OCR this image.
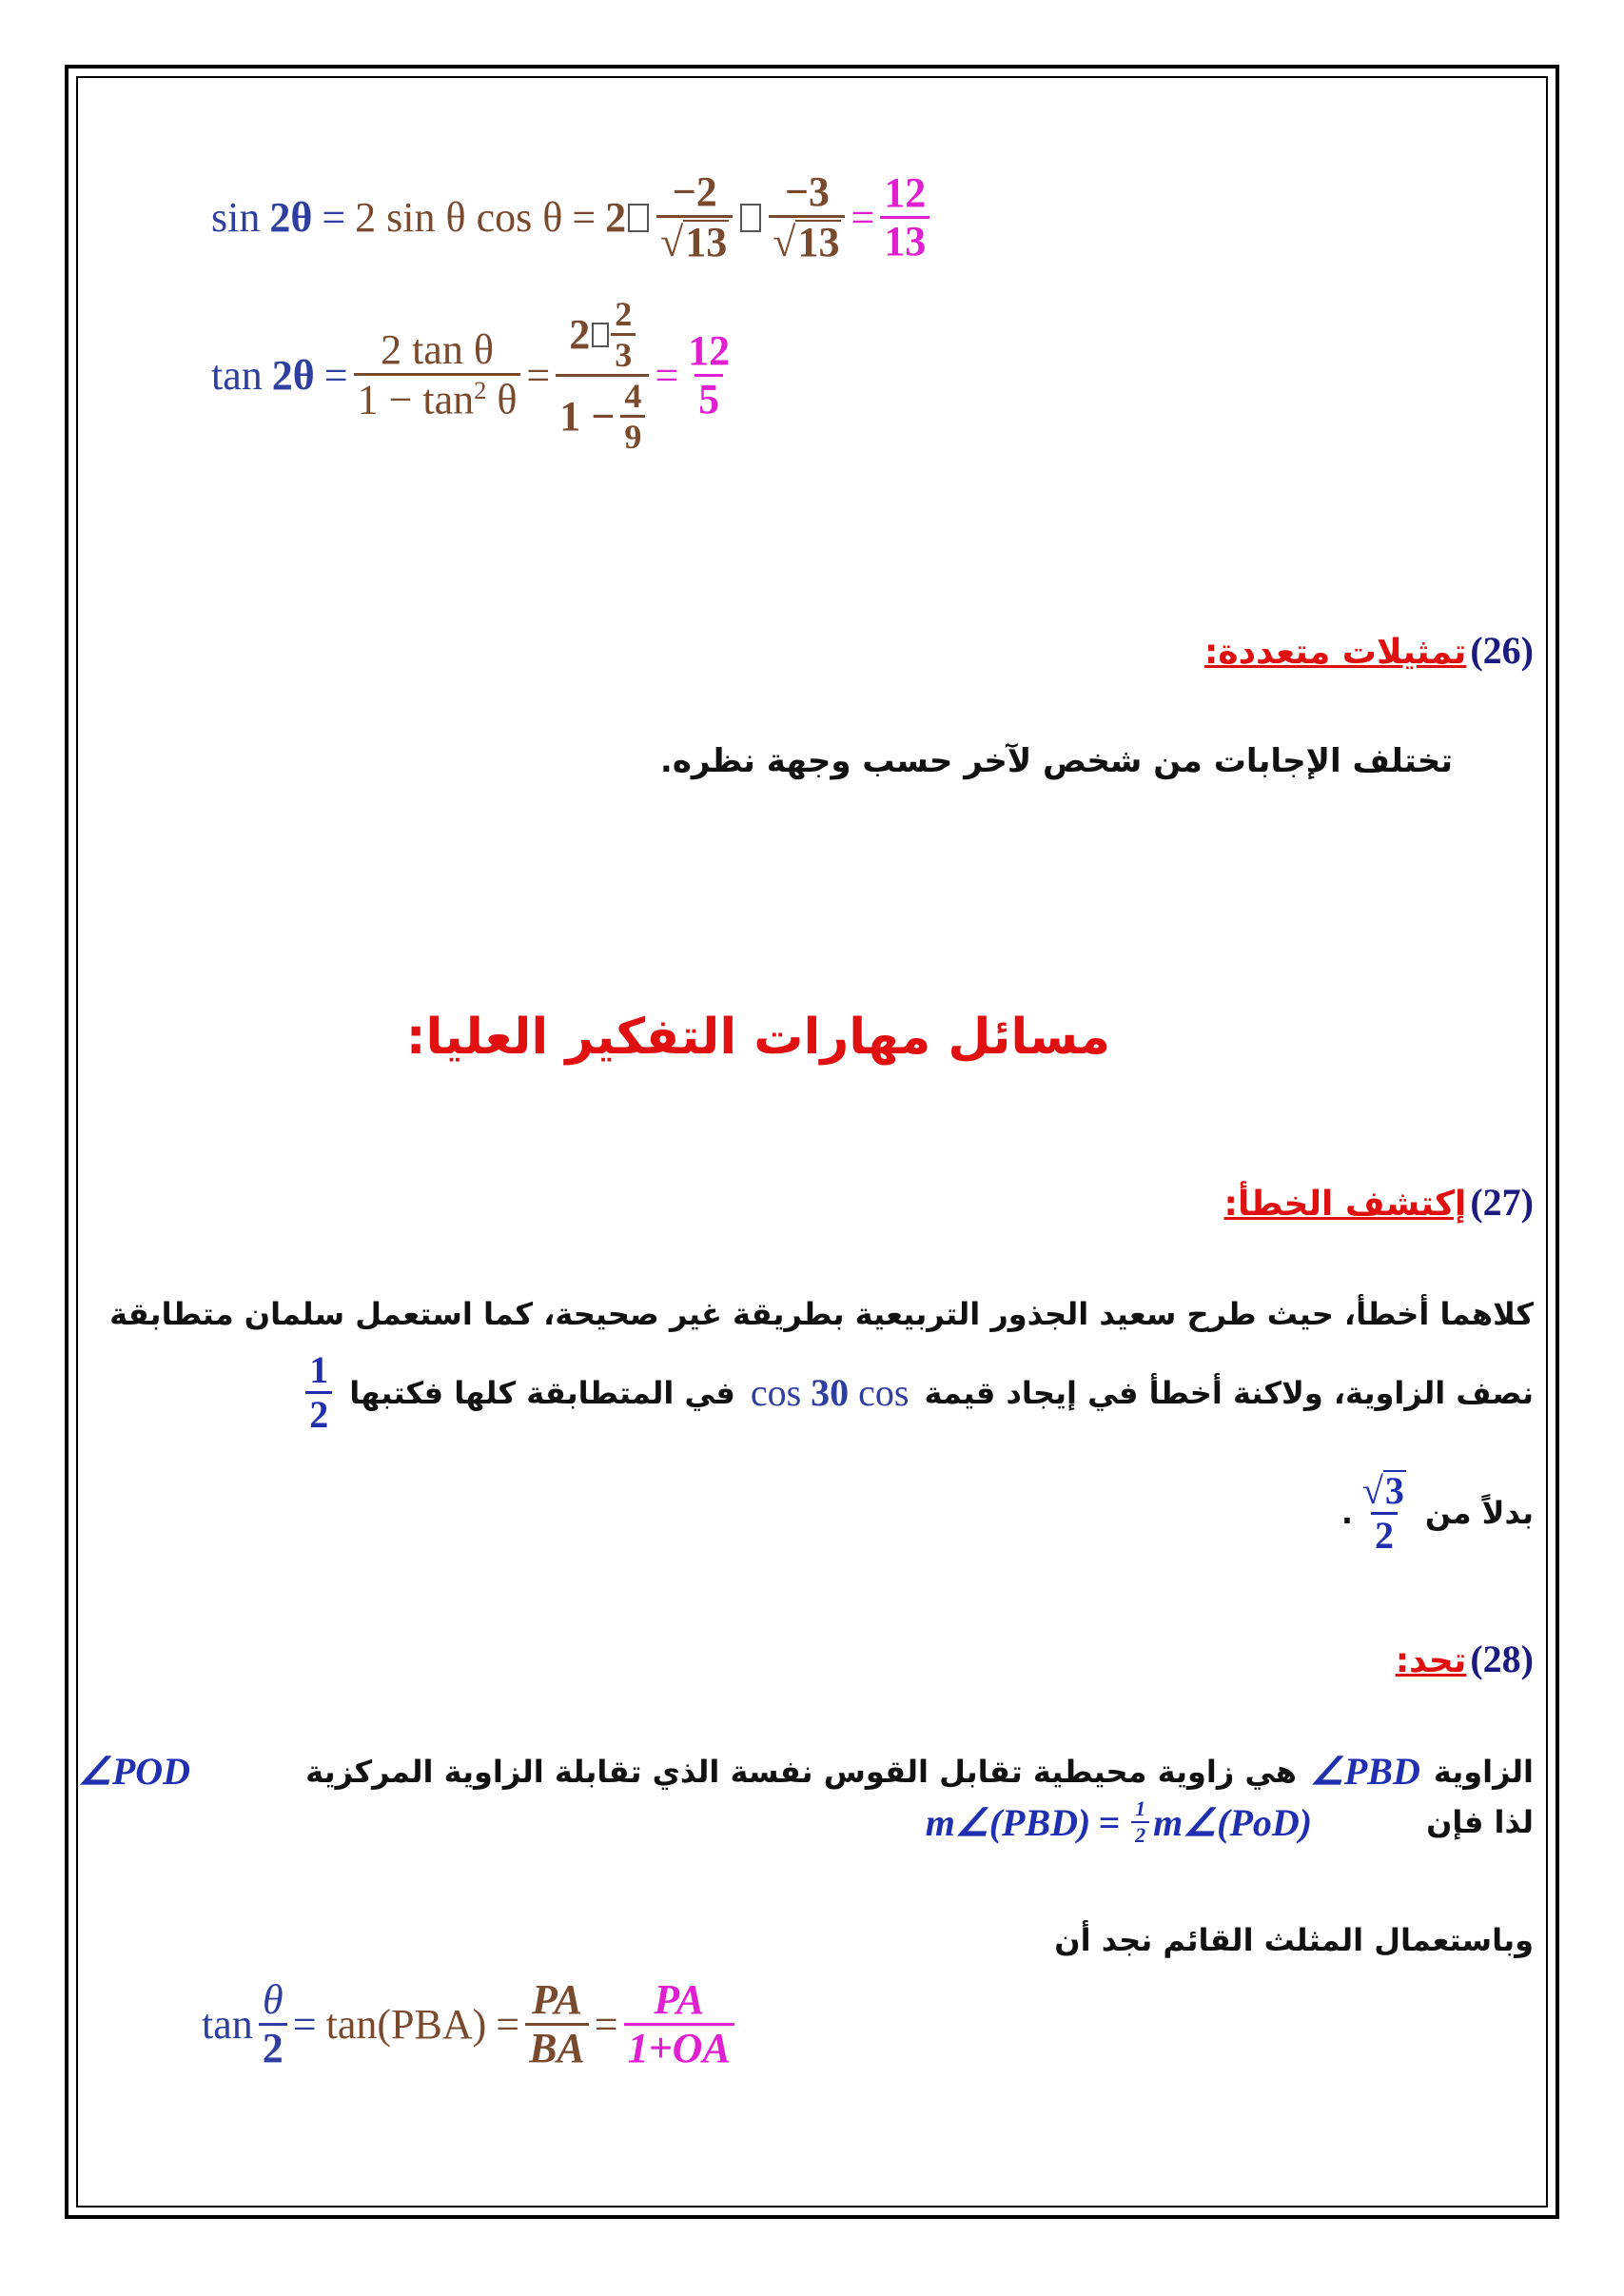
sin 2θ = 2 sin θ $\cos \theta = 2 \frac{-2}{√ 13} \frac{-3}{√ 13} = \frac{12}{13}$
$\tan 2\theta = \frac{\text{2 tan θ}}{1 - \tan^2 \theta} = \frac{2 \frac{2}{3}}{1 - \frac{4}{9}} = \frac{12}{5}$
(26) تمثيلات متعددة:
تختلف الإجابات من شخص لآخر حسب وجهة نظره.
مسائل مهارات التفكير العليا:
(27) إكتشف الخطأ:
كلاهما أخطأ، حيث طرح سعيد الجذور التربيعية بطريقة غير صحيحة، كما استعمل سلمان متطابقة
نصف الزاوية، ولاكنة أخطأ في إيجاد قيمة
cos 30 cos
في المتطابقة كلها فكتبها
$\frac{1}{2}$
بدلاً من
$\frac{√ 3}{2}$
.
(28) تحد:
الزاوية
∠PBD
هي زاوية محيطية تقابل القوس نفسة الذي تقابلة الزاوية المركزية
∠POD
لذا فإن
m∠(PBD) = $\frac{1}{2}$ m∠(PoD)
وباستعمال المثلث القائم نجد أن
$\tan \frac{\theta}{2} = \tan(PBA) = \frac{PA}{BA} = \frac{PA}{1+OA}$
